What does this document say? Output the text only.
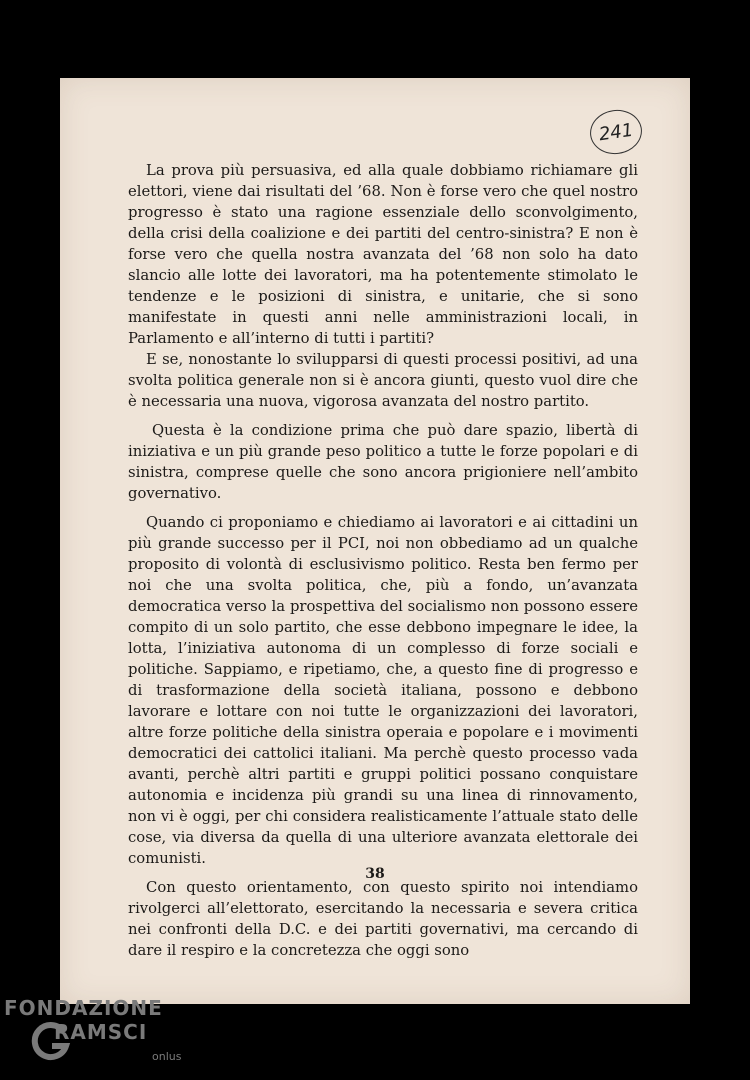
241

La prova più persuasiva, ed alla quale dobbiamo richiamare gli elettori, viene dai risultati del ’68. Non è forse vero che quel nostro progresso è stato una ragione essenziale dello sconvolgimento, della crisi della coalizione e dei partiti del centro-sinistra? E non è forse vero che quella nostra avanzata del ’68 non solo ha dato slancio alle lotte dei lavoratori, ma ha potentemente stimolato le tendenze e le posizioni di sinistra, e unitarie, che si sono manifestate in questi anni nelle amministrazioni locali, in Parlamento e all’interno di tutti i partiti?

E se, nonostante lo svilupparsi di questi processi positivi, ad una svolta politica generale non si è ancora giunti, questo vuol dire che è necessaria una nuova, vigorosa avanzata del nostro partito.

Questa è la condizione prima che può dare spazio, libertà di iniziativa e un più grande peso politico a tutte le forze popolari e di sinistra, comprese quelle che sono ancora prigioniere nell’ambito governativo.

Quando ci proponiamo e chiediamo ai lavoratori e ai cittadini un più grande successo per il PCI, noi non obbediamo ad un qualche proposito di volontà di esclusivismo politico. Resta ben fermo per noi che una svolta politica, che, più a fondo, un’avanzata democratica verso la prospettiva del socialismo non possono essere compito di un solo partito, che esse debbono impegnare le idee, la lotta, l’iniziativa autonoma di un complesso di forze sociali e politiche. Sappiamo, e ripetiamo, che, a questo fine di progresso e di trasformazione della società italiana, possono e debbono lavorare e lottare con noi tutte le organizzazioni dei lavoratori, altre forze politiche della sinistra operaia e popolare e i movimenti democratici dei cattolici italiani. Ma perchè questo processo vada avanti, perchè altri partiti e gruppi politici possano conquistare autonomia e incidenza più grandi su una linea di rinnovamento, non vi è oggi, per chi considera realisticamente l’attuale stato delle cose, via diversa da quella di una ulteriore avanzata elettorale dei comunisti.

Con questo orientamento, con questo spirito noi intendiamo rivolgerci all’elettorato, esercitando la necessaria e severa critica nei confronti della D.C. e dei partiti governativi, ma cercando di dare il respiro e la concretezza che oggi sono

38
FONDAZIONE
RAMSCI
onlus
